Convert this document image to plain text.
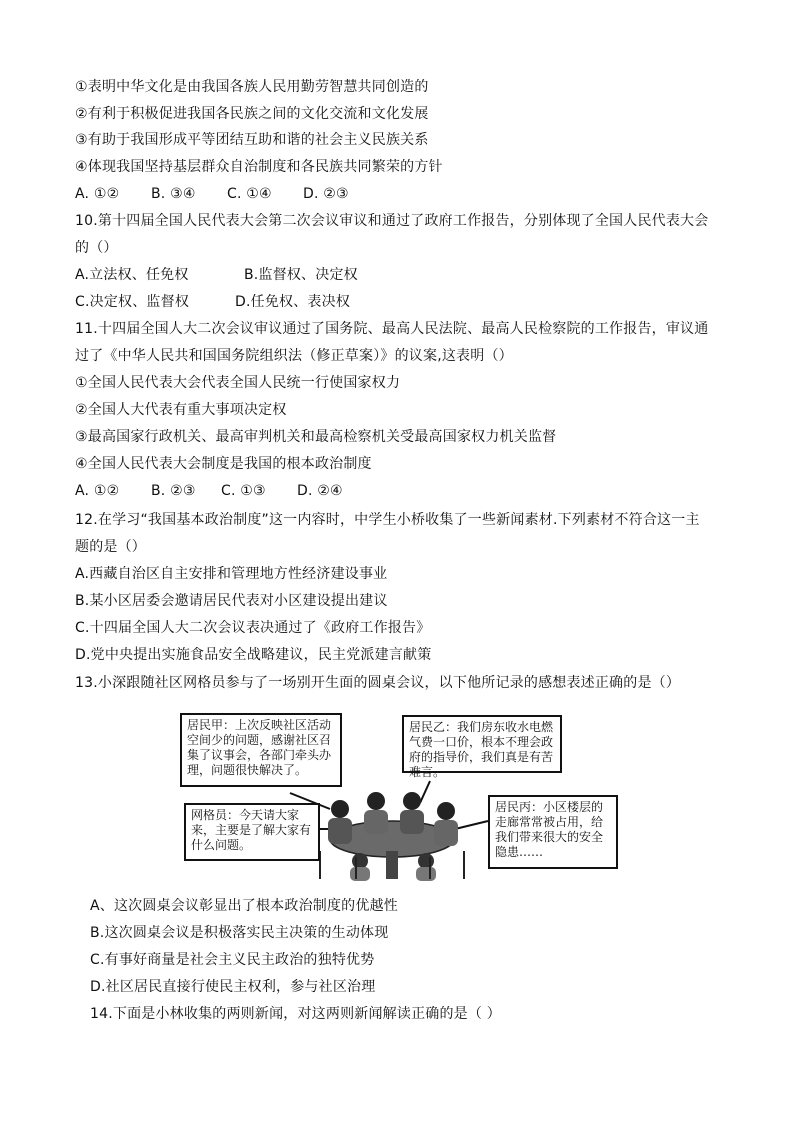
①表明中华文化是由我国各族人民用勤劳智慧共同创造的
②有利于积极促进我国各民族之间的文化交流和文化发展
③有助于我国形成平等团结互助和谐的社会主义民族关系
④体现我国坚持基层群众自治制度和各民族共同繁荣的方针
A. ①② B. ③④ C. ①④ D. ②③
10.第十四届全国人民代表大会第二次会议审议和通过了政府工作报告，分别体现了全国人民代表大会
的（）
A.立法权、任免权	B.监督权、决定权
C.决定权、监督权	D.任免权、表决权
11.十四届全国人大二次会议审议通过了国务院、最高人民法院、最高人民检察院的工作报告，审议通
过了《中华人民共和国国务院组织法（修正草案）》的议案,这表明（）
①全国人民代表大会代表全国人民统一行使国家权力
②全国人大代表有重大事项决定权
③最高国家行政机关、最高审判机关和最高检察机关受最高国家权力机关监督
④全国人民代表大会制度是我国的根本政治制度
A. ①② B. ②③ C. ①③ D. ②④
12.在学习“我国基本政治制度”这一内容时，中学生小桥收集了一些新闻素材.下列素材不符合这一主
题的是（）
A.西藏自治区自主安排和管理地方性经济建设事业
B.某小区居委会邀请居民代表对小区建设提出建议
C.十四届全国人大二次会议表决通过了《政府工作报告》
D.党中央提出实施食品安全战略建议，民主党派建言献策
13.小深跟随社区网格员参与了一场别开生面的圆桌会议，以下他所记录的感想表述正确的是（）
居民甲：上次反映社区活动空间少的问题，感谢社区召集了议事会，各部门牵头办理，问题很快解决了。
居民乙：我们房东收水电燃气费一口价，根本不理会政府的指导价，我们真是有苦难言。
网格员：今天请大家来，主要是了解大家有什么问题。
居民丙：小区楼层的走廊常常被占用，给我们带来很大的安全隐患……
A、这次圆桌会议彰显出了根本政治制度的优越性
B.这次圆桌会议是积极落实民主决策的生动体现
C.有事好商量是社会主义民主政治的独特优势
D.社区居民直接行使民主权利，参与社区治理
14.下面是小林收集的两则新闻，对这两则新闻解读正确的是（ ）
